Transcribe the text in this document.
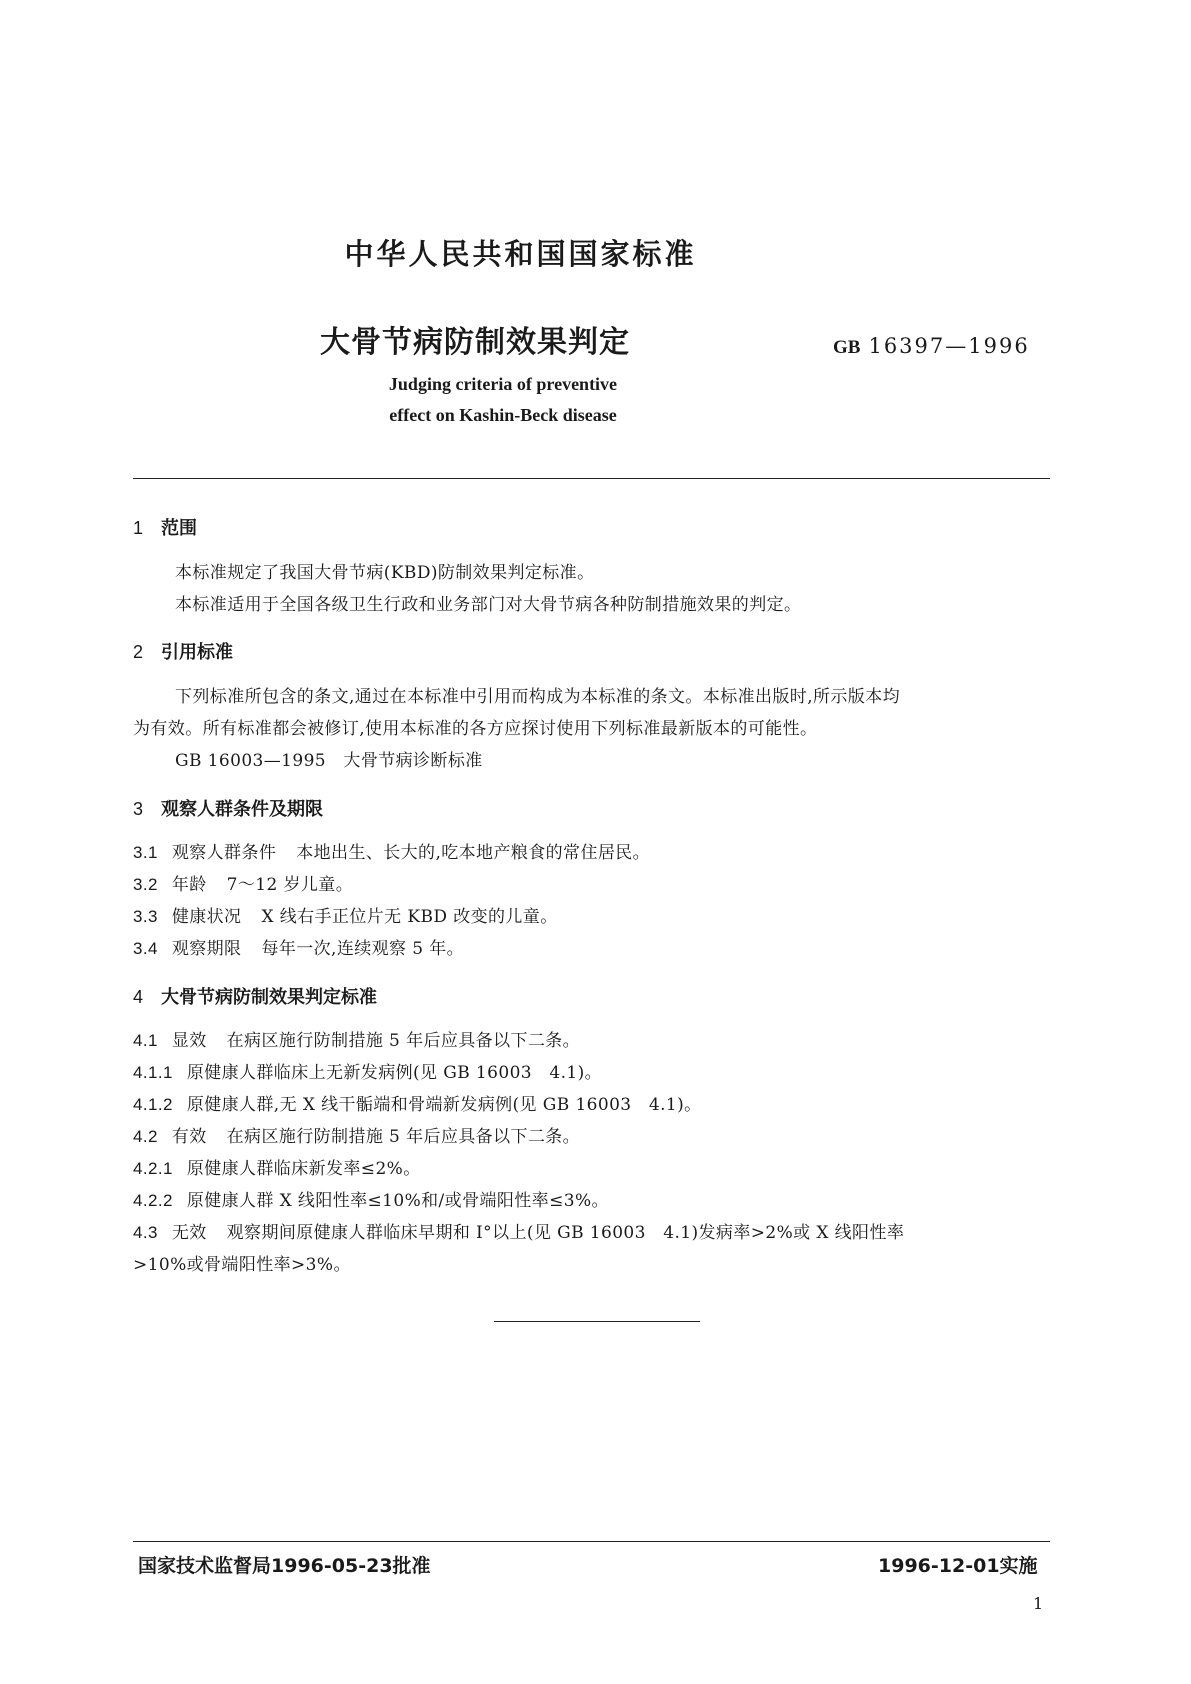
中华人民共和国国家标准
大骨节病防制效果判定	GB 16397—1996
Judging criteria of preventive
effect on Kashin-Beck disease
1 范围
本标准规定了我国大骨节病(KBD)防制效果判定标准。
本标准适用于全国各级卫生行政和业务部门对大骨节病各种防制措施效果的判定。
2 引用标准
下列标准所包含的条文,通过在本标准中引用而构成为本标准的条文。本标准出版时,所示版本均
为有效。所有标准都会被修订,使用本标准的各方应探讨使用下列标准最新版本的可能性。
GB 16003—1995　大骨节病诊断标准
3 观察人群条件及期限
3.1 观察人群条件 本地出生、长大的,吃本地产粮食的常住居民。
3.2 年龄 7～12 岁儿童。
3.3 健康状况 X 线右手正位片无 KBD 改变的儿童。
3.4 观察期限 每年一次,连续观察 5 年。
4 大骨节病防制效果判定标准
4.1 显效 在病区施行防制措施 5 年后应具备以下二条。
4.1.1 原健康人群临床上无新发病例(见 GB 16003　4.1)。
4.1.2 原健康人群,无 X 线干骺端和骨端新发病例(见 GB 16003　4.1)。
4.2 有效 在病区施行防制措施 5 年后应具备以下二条。
4.2.1 原健康人群临床新发率≤2%。
4.2.2 原健康人群 X 线阳性率≤10%和/或骨端阳性率≤3%。
4.3 无效 观察期间原健康人群临床早期和 I°以上(见 GB 16003　4.1)发病率>2%或 X 线阳性率
>10%或骨端阳性率>3%。
国家技术监督局1996-05-23批准	1996-12-01实施
1
